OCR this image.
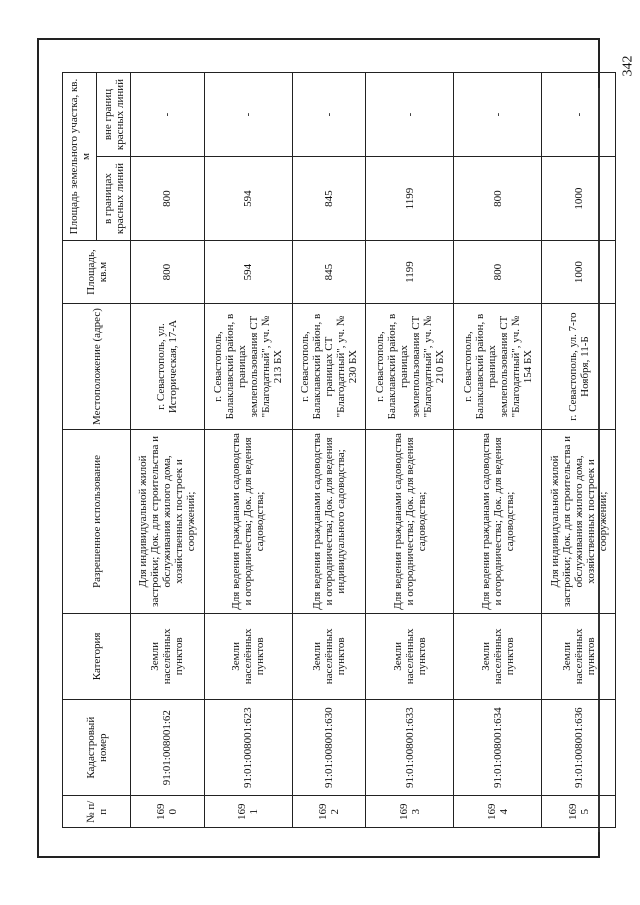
342
№ п/п	Кадастровый номер	Категория	Разрешенное использование	Местоположение (адрес)	Площадь, кв.м	Площадь земельного участка, кв. м	
						в границах красных линий	вне границ красных линий
169 0	91:01:008001:62	Земли населённых пунктов	Для индивидуальной жилой застройки; Док. для строительства и обслуживания жилого дома, хозяйственных построек и сооружений;	г. Севастополь, ул. Историческая, 17-А	800	800	-
169 1	91:01:008001:623	Земли населённых пунктов	Для ведения гражданами садоводства и огородничества; Док. для ведения садоводства;	г. Севастополь, Балаклавский район, в границах землепользования СТ "Благодатный", уч. № 213 БХ	594	594	-
169 2	91:01:008001:630	Земли населённых пунктов	Для ведения гражданами садоводства и огородничества; Док. для ведения индивидуального садоводства;	г. Севастополь, Балаклавский район, в границах СТ "Благодатный", уч. № 230 БХ	845	845	-
169 3	91:01:008001:633	Земли населённых пунктов	Для ведения гражданами садоводства и огородничества; Док. для ведения садоводства;	г. Севастополь, Балаклавский район, в границах землепользования СТ "Благодатный", уч. № 210 БХ	1199	1199	-
169 4	91:01:008001:634	Земли населённых пунктов	Для ведения гражданами садоводства и огородничества; Док. для ведения садоводства;	г. Севастополь, Балаклавский район, в границах землепользования СТ "Благодатный", уч. № 154 БХ	800	800	-
169 5	91:01:008001:636	Земли населённых пунктов	Для индивидуальной жилой застройки; Док. для строительства и обслуживания жилого дома, хозяйственных построек и сооружений;	г. Севастополь, ул. 7-го Ноября, 11-Б	1000	1000	-
